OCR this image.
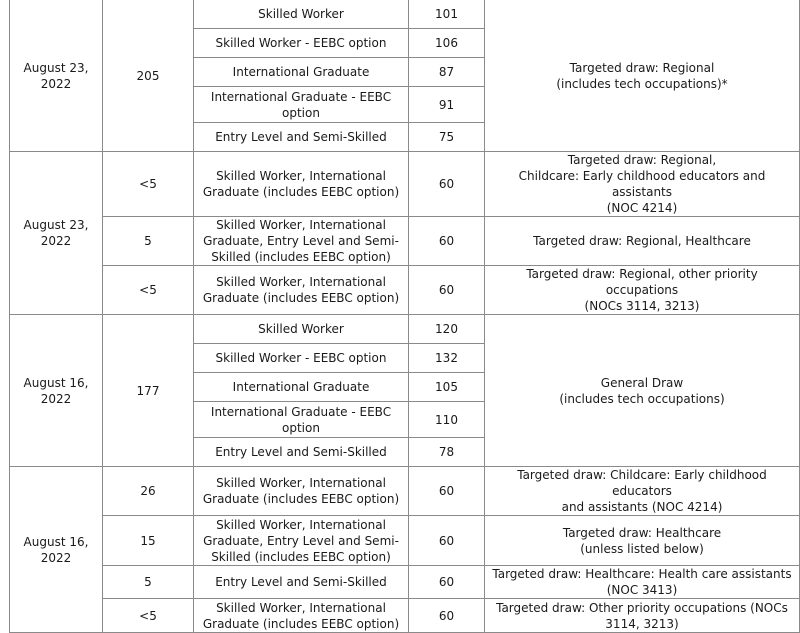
August 23,
2022	205	Skilled Worker	101	Targeted draw: Regional
(includes tech occupations)*
		Skilled Worker - EEBC option	106	
		International Graduate	87	
		International Graduate - EEBC option	91	
		Entry Level and Semi-Skilled	75	
August 23,
2022	<5	Skilled Worker, International Graduate (includes EEBC option)	60	Targeted draw: Regional,
Childcare: Early childhood educators and assistants
(NOC 4214)
	5	Skilled Worker, International Graduate, Entry Level and Semi-Skilled (includes EEBC option)	60	Targeted draw: Regional, Healthcare
	<5	Skilled Worker, International Graduate (includes EEBC option)	60	Targeted draw: Regional, other priority occupations
(NOCs 3114, 3213)
August 16,
2022	177	Skilled Worker	120	General Draw
(includes tech occupations)
		Skilled Worker - EEBC option	132	
		International Graduate	105	
		International Graduate - EEBC option	110	
		Entry Level and Semi-Skilled	78	
August 16,
2022	26	Skilled Worker, International Graduate (includes EEBC option)	60	Targeted draw: Childcare: Early childhood educators
and assistants (NOC 4214)
	15	Skilled Worker, International Graduate, Entry Level and Semi-Skilled (includes EEBC option)	60	Targeted draw: Healthcare
(unless listed below)
	5	Entry Level and Semi-Skilled	60	Targeted draw: Healthcare: Health care assistants
(NOC 3413)
	<5	Skilled Worker, International Graduate (includes EEBC option)	60	Targeted draw: Other priority occupations (NOCs
3114, 3213)
